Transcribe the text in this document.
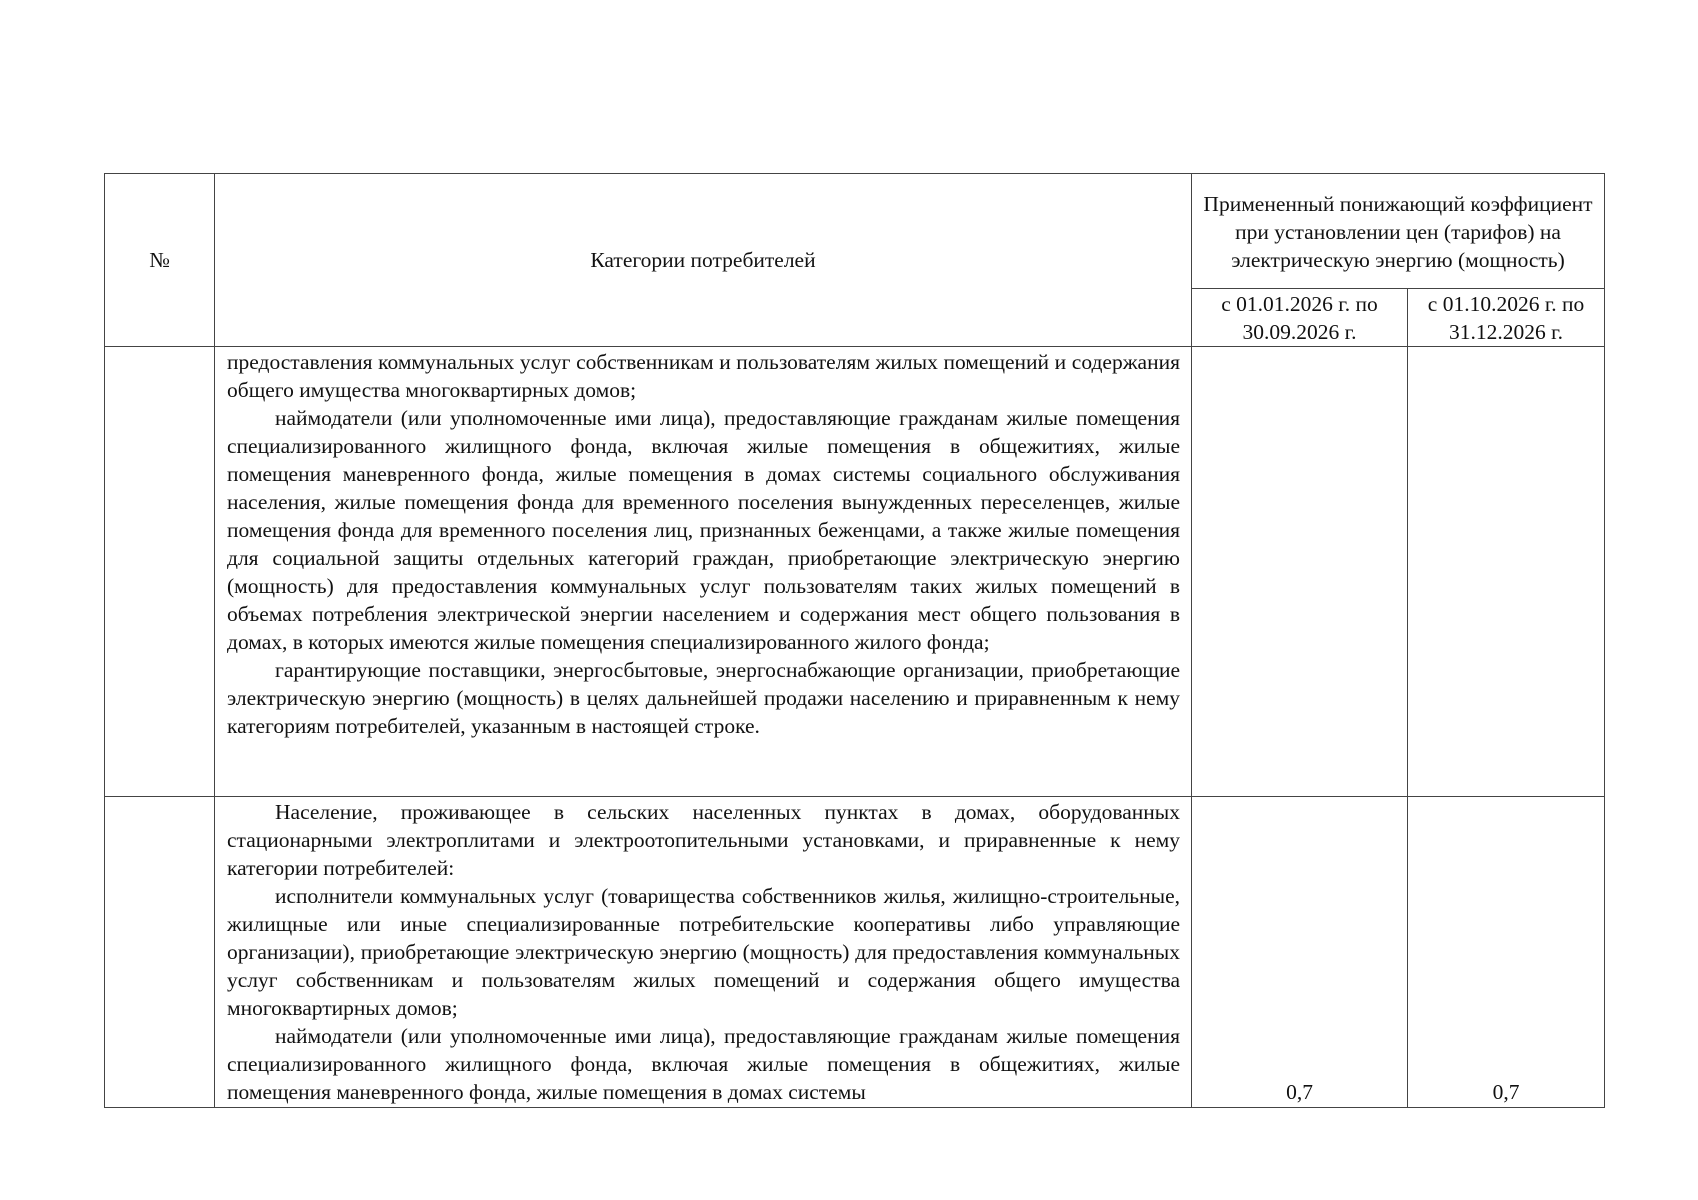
№	Категории потребителей	Примененный понижающий коэффициент при установлении цен (тарифов) на электрическую энергию (мощность)	
		с 01.01.2026 г. по 30.09.2026 г.	с 01.10.2026 г. по 31.12.2026 г.

	предоставления коммунальных услуг собственникам и пользователям жилых помещений и содержания общего имущества многоквартирных домов;

наймодатели (или уполномоченные ими лица), предоставляющие гражданам жилые помещения специализированного жилищного фонда, включая жилые помещения в общежитиях, жилые помещения маневренного фонда, жилые помещения в домах системы социального обслуживания населения, жилые помещения фонда для временного поселения вынужденных переселенцев, жилые помещения фонда для временного поселения лиц, признанных беженцами, а также жилые помещения для социальной защиты отдельных категорий граждан, приобретающие электрическую энергию (мощность) для предоставления коммунальных услуг пользователям таких жилых помещений в объемах потребления электрической энергии населением и содержания мест общего пользования в домах, в которых имеются жилые помещения специализированного жилого фонда;

гарантирующие поставщики, энергосбытовые, энергоснабжающие организации, приобретающие электрическую энергию (мощность) в целях дальнейшей продажи населению и приравненным к нему категориям потребителей, указанным в настоящей строке.		

	Население, проживающее в сельских населенных пунктах в домах, оборудованных стационарными электроплитами и электроотопительными установками, и приравненные к нему категории потребителей:

исполнители коммунальных услуг (товарищества собственников жилья, жилищно-строительные, жилищные или иные специализированные потребительские кооперативы либо управляющие организации), приобретающие электрическую энергию (мощность) для предоставления коммунальных услуг собственникам и пользователям жилых помещений и содержания общего имущества многоквартирных домов;

наймодатели (или уполномоченные ими лица), предоставляющие гражданам жилые помещения специализированного жилищного фонда, включая жилые помещения в общежитиях, жилые помещения маневренного фонда, жилые помещения в домах системы	0,7	0,7
